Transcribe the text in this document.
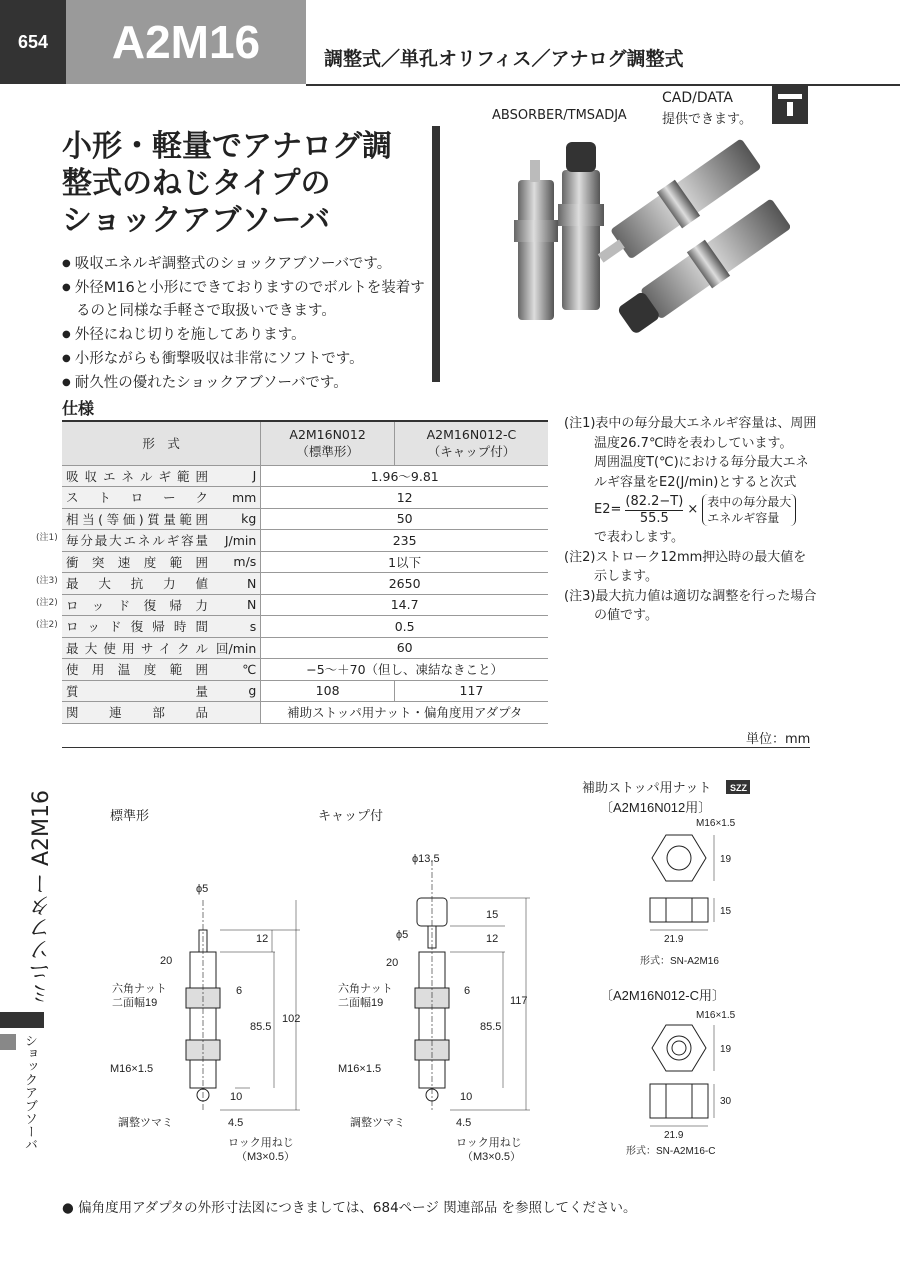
654	A2M16	調整式／単孔オリフィス／アナログ調整式
CAD/DATA
ABSORBER/TMSADJA	提供できます。
小形・軽量でアナログ調
整式のねじタイプの
ショックアブソーバ
● 吸収エネルギ調整式のショックアブソーバです。
● 外径M16と小形にできておりますのでボルトを装着するのと同様な手軽さで取扱いできます。
● 外径にねじ切りを施してあります。
● 小形ながらも衝撃吸収は非常にソフトです。
● 耐久性の優れたショックアブソーバです。
仕様
形　式		A2M16N012
（標準形）	A2M16N012-C
（キャップ付）
吸収エネルギ範囲	J	1.96〜9.81	
ストローク	mm	12	
相当(等価)質量範囲	kg	50	
毎分最大エネルギ容量	J/min	235	
衝突速度範囲	m/s	1以下	
最大抗力値	N	2650	
ロッド復帰力	N	14.7	
ロッド復帰時間	s	0.5	
最大使用サイクル	回/min	60	
使用温度範囲	℃	−5〜＋70（但し、凍結なきこと）	
質量	g	108	117
関連部品		補助ストッパ用ナット・偏角度用アダプタ	
(注1)
(注3)
(注2)
(注2)
(注1)表中の毎分最大エネルギ容量は、周囲
温度26.7℃時を表わしています。
周囲温度T(℃)における毎分最大エネ
ルギ容量をE2(J/min)とすると次式
$E2= \frac{(82.2-T)}{55.5}$ ×
表中の毎分最大
エネルギ容量
で表わします。
(注2)ストローク12mm押込時の最大値を
示します。
(注3)最大抗力値は適切な調整を行った場合
の値です。
単位：mm
ミニソフター A2M16
ショックアブソーバ
標準形	キャップ付
ϕ5
12
20
6
85.5
102
10
4.5
六角ナット
二面幅19
M16×1.5
調整ツマミ
ロック用ねじ
（M3×0.5）
ϕ13.5
15
ϕ5	12
20
6
85.5
117
10
4.5
六角ナット
二面幅19
M16×1.5
調整ツマミ
ロック用ねじ
（M3×0.5）
補助ストッパ用ナット SZZ
〔A2M16N012用〕
M16×1.5
19
15
21.9
形式：SN-A2M16
〔A2M16N012-C用〕
M16×1.5
19
30
21.9
形式：SN-A2M16-C
● 偏角度用アダプタの外形寸法図につきましては、684ページ 関連部品 を参照してください。
